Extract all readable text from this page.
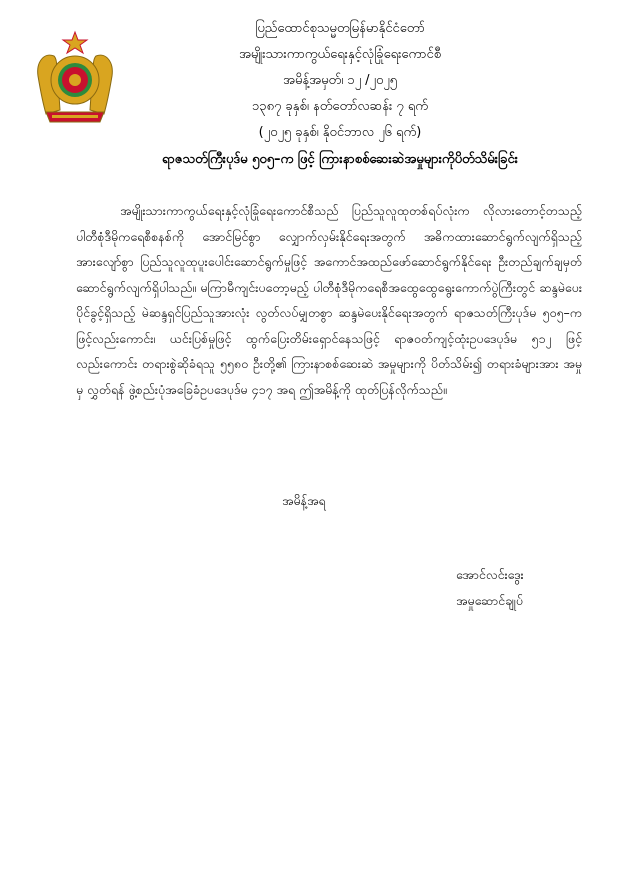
ပြည်ထောင်စုသမ္မတမြန်မာနိုင်ငံတော်
အမျိုးသားကာကွယ်ရေးနှင့်လုံခြုံရေးကောင်စီ
အမိန့်အမှတ်၊ ၁၂ /၂၀၂၅
၁၃၈၇ ခုနှစ်၊ နတ်တော်လဆန်း ၇ ရက်
(၂၀၂၅ ခုနှစ်၊ နိုဝင်ဘာလ ၂၆ ရက်)
ရာဇသတ်ကြီးပုဒ်မ ၅၀၅–က ဖြင့် ကြားနာစစ်ဆေးဆဲအမှုများကိုပိတ်သိမ်းခြင်း
အမျိုးသားကာကွယ်ရေးနှင့်လုံခြုံရေးကောင်စီသည် ပြည်သူလူထုတစ်ရပ်လုံးက လိုလားတောင့်တသည့် ပါတီစုံဒီမိုကရေစီစနစ်ကို အောင်မြင်စွာ လျှောက်လှမ်းနိုင်ရေးအတွက် အဓိကထားဆောင်ရွက်လျက်ရှိသည့်အားလျော်စွာ ပြည်သူလူထုပူးပေါင်းဆောင်ရွက်မှုဖြင့် အကောင်အထည်ဖော်ဆောင်ရွက်နိုင်ရေး ဦးတည်ချက်ချမှတ်ဆောင်ရွက်လျက်ရှိပါသည်။ မကြာမီကျင်းပတော့မည့် ပါတီစုံဒီမိုကရေစီအထွေထွေရွေးကောက်ပွဲကြီးတွင် ဆန္ဒမဲပေးပိုင်ခွင့်ရှိသည့် မဲဆန္ဒရှင်ပြည်သူအားလုံး လွတ်လပ်မျှတစွာ ဆန္ဒမဲပေးနိုင်ရေးအတွက် ရာဇသတ်ကြီးပုဒ်မ ၅၀၅–က ဖြင့်လည်းကောင်း၊ ယင်းပြစ်မှုဖြင့် ထွက်ပြေးတိမ်းရှောင်နေသဖြင့် ရာဇဝတ်ကျင့်ထုံးဥပဒေပုဒ်မ ၅၁၂ ဖြင့်လည်းကောင်း တရားစွဲဆိုခံရသူ ၅၅၈၀ ဦးတို့၏ ကြားနာစစ်ဆေးဆဲ အမှုများကို ပိတ်သိမ်း၍ တရားခံများအား အမှုမှ လွှတ်ရန် ဖွဲ့စည်းပုံအခြေခံဥပဒေပုဒ်မ ၄၁၇ အရ ဤအမိန့်ကို ထုတ်ပြန်လိုက်သည်။
အမိန့်အရ
အောင်လင်းဒွေး
အမှုဆောင်ချုပ်
